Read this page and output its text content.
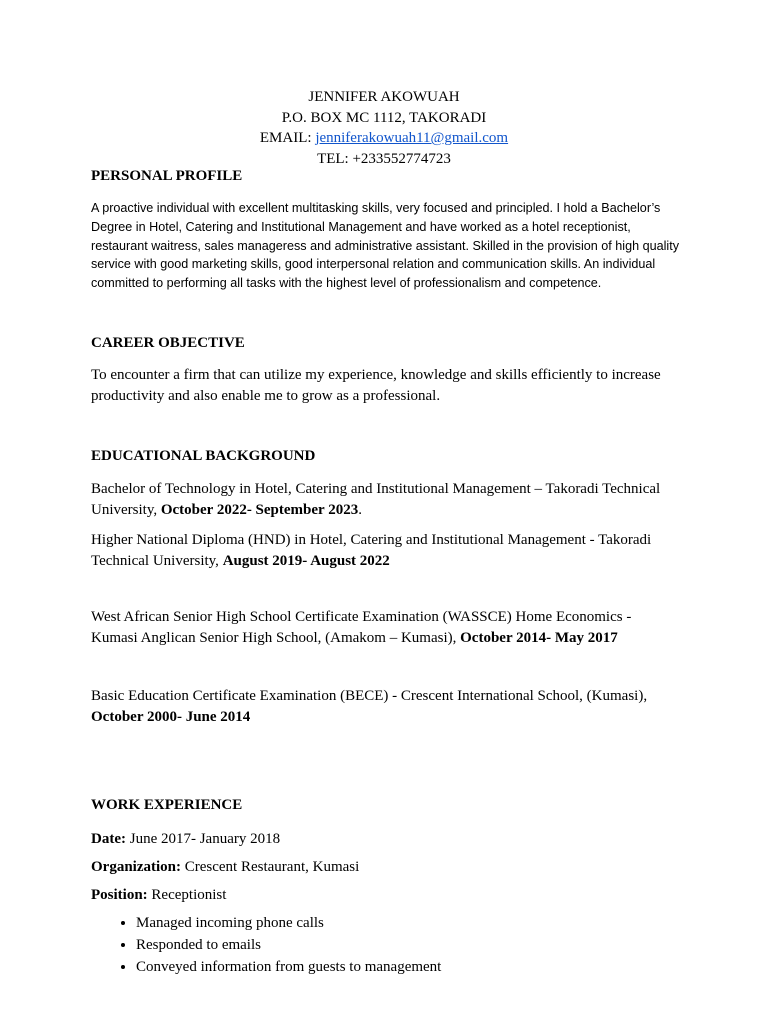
JENNIFER AKOWUAH
P.O. BOX MC 1112, TAKORADI
EMAIL: jenniferakowuah11@gmail.com
TEL: +233552774723
PERSONAL PROFILE
A proactive individual with excellent multitasking skills, very focused and principled. I hold a Bachelor’s
Degree in Hotel, Catering and Institutional Management and have worked as a hotel receptionist,
restaurant waitress, sales manageress and administrative assistant. Skilled in the provision of high quality
service with good marketing skills, good interpersonal relation and communication skills. An individual
committed to performing all tasks with the highest level of professionalism and competence.
CAREER OBJECTIVE
To encounter a firm that can utilize my experience, knowledge and skills efficiently to increase
productivity and also enable me to grow as a professional.
EDUCATIONAL BACKGROUND
Bachelor of Technology in Hotel, Catering and Institutional Management – Takoradi Technical
University, October 2022- September 2023.
Higher National Diploma (HND) in Hotel, Catering and Institutional Management - Takoradi
Technical University, August 2019- August 2022
West African Senior High School Certificate Examination (WASSCE) Home Economics -
Kumasi Anglican Senior High School, (Amakom – Kumasi), October 2014- May 2017
Basic Education Certificate Examination (BECE) - Crescent International School, (Kumasi),
October 2000- June 2014
WORK EXPERIENCE
Date: June 2017- January 2018
Organization: Crescent Restaurant, Kumasi
Position: Receptionist
• Managed incoming phone calls
• Responded to emails
• Conveyed information from guests to management
